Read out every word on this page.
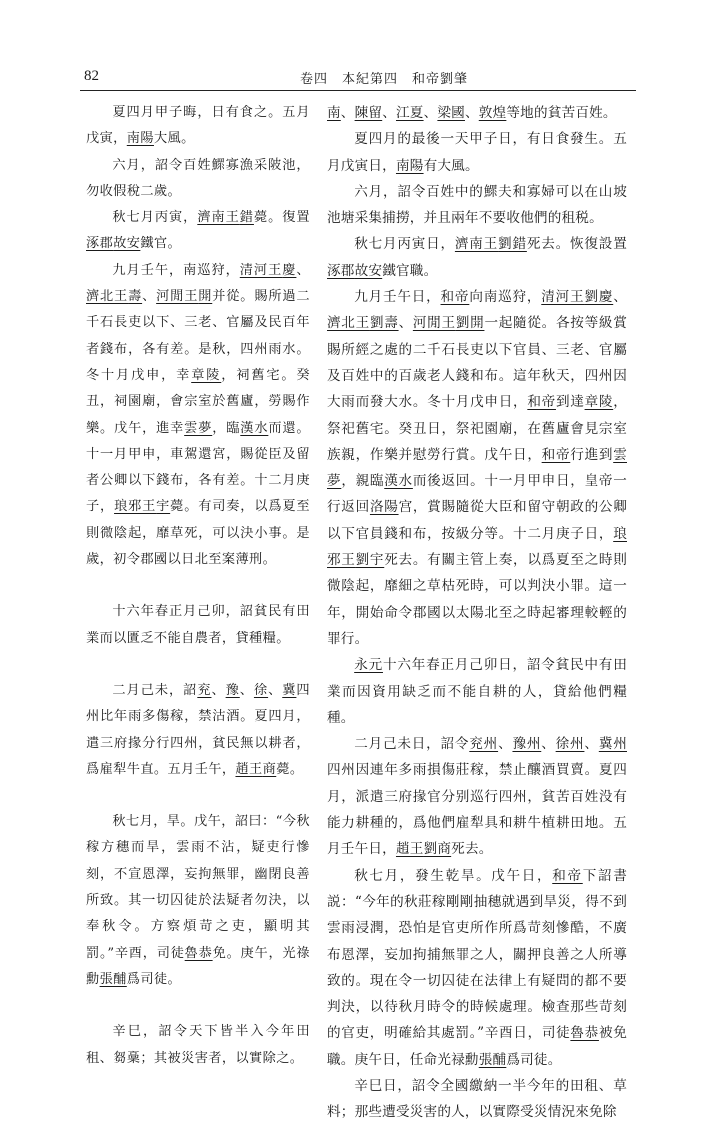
82	卷四　本紀第四　和帝劉肇

夏四月甲子晦，日有食之。五月戊寅，南陽大風。

六月，詔令百姓鰥寡漁采陂池，勿收假稅二歲。

秋七月丙寅，濟南王錯薨。復置涿郡故安鐵官。

九月壬午，南巡狩，清河王慶、濟北王壽、河閒王開并從。賜所過二千石長吏以下、三老、官屬及民百年者錢布，各有差。是秋，四州雨水。冬十月戊申，幸章陵，祠舊宅。癸丑，祠園廟，會宗室於舊廬，勞賜作樂。戊午，進幸雲夢，臨漢水而還。十一月甲申，車駕還宮，賜從臣及留者公卿以下錢布，各有差。十二月庚子，琅邪王宇薨。有司奏，以爲夏至則微陰起，靡草死，可以決小事。是歲，初令郡國以日北至案薄刑。

十六年春正月己卯，詔貧民有田業而以匱乏不能自農者，貸種糧。

二月己未，詔兖、豫、徐、冀四州比年雨多傷稼，禁沽酒。夏四月，遣三府掾分行四州，貧民無以耕者，爲雇犁牛直。五月壬午，趙王商薨。

秋七月，旱。戊午，詔曰：“今秋稼方穗而旱，雲雨不沾，疑吏行慘刻，不宣恩澤，妄拘無罪，幽閉良善所致。其一切囚徒於法疑者勿決，以奉秋令。方察煩苛之吏，顯明其罰。”辛酉，司徒魯恭免。庚午，光祿勳張酺爲司徒。

辛巳，詔令天下皆半入今年田租、芻稾；其被災害者，以實除之。

南、陳留、江夏、梁國、敦煌等地的貧苦百姓。

夏四月的最後一天甲子日，有日食發生。五月戊寅日，南陽有大風。

六月，詔令百姓中的鰥夫和寡婦可以在山坡池塘采集捕撈，并且兩年不要收他們的租税。

秋七月丙寅日，濟南王劉錯死去。恢復設置涿郡故安鐵官職。

九月壬午日，和帝向南巡狩，清河王劉慶、濟北王劉壽、河閒王劉開一起隨從。各按等級賞賜所經之處的二千石長吏以下官員、三老、官屬及百姓中的百歲老人錢和布。這年秋天，四州因大雨而發大水。冬十月戊申日，和帝到達章陵，祭祀舊宅。癸丑日，祭祀園廟，在舊廬會見宗室族親，作樂并慰勞行賞。戊午日，和帝行進到雲夢，親臨漢水而後返回。十一月甲申日，皇帝一行返回洛陽宫，賞賜隨從大臣和留守朝政的公卿以下官員錢和布，按級分等。十二月庚子日，琅邪王劉宇死去。有關主管上奏，以爲夏至之時則微陰起，靡細之草枯死時，可以判決小罪。這一年，開始命令郡國以太陽北至之時起審理較輕的罪行。

永元十六年春正月己卯日，詔令貧民中有田業而因資用缺乏而不能自耕的人，貸給他們糧種。

二月己未日，詔令兖州、豫州、徐州、冀州四州因連年多雨損傷莊稼，禁止釀酒買賣。夏四月，派遣三府掾官分别巡行四州，貧苦百姓没有能力耕種的，爲他們雇犁具和耕牛植耕田地。五月壬午日，趙王劉商死去。

秋七月，發生乾旱。戊午日，和帝下詔書説：“今年的秋莊稼剛剛抽穗就遇到旱災，得不到雲雨浸潤，恐怕是官吏所作所爲苛刻慘酷，不廣布恩澤，妄加拘捕無罪之人，關押良善之人所導致的。現在令一切囚徒在法律上有疑問的都不要判決，以待秋月時令的時候處理。檢查那些苛刻的官吏，明確給其處罰。”辛酉日，司徒魯恭被免職。庚午日，任命光禄勳張酺爲司徒。

辛巳日，詔令全國繳納一半今年的田租、草料；那些遭受災害的人，以實際受災情況來免除
